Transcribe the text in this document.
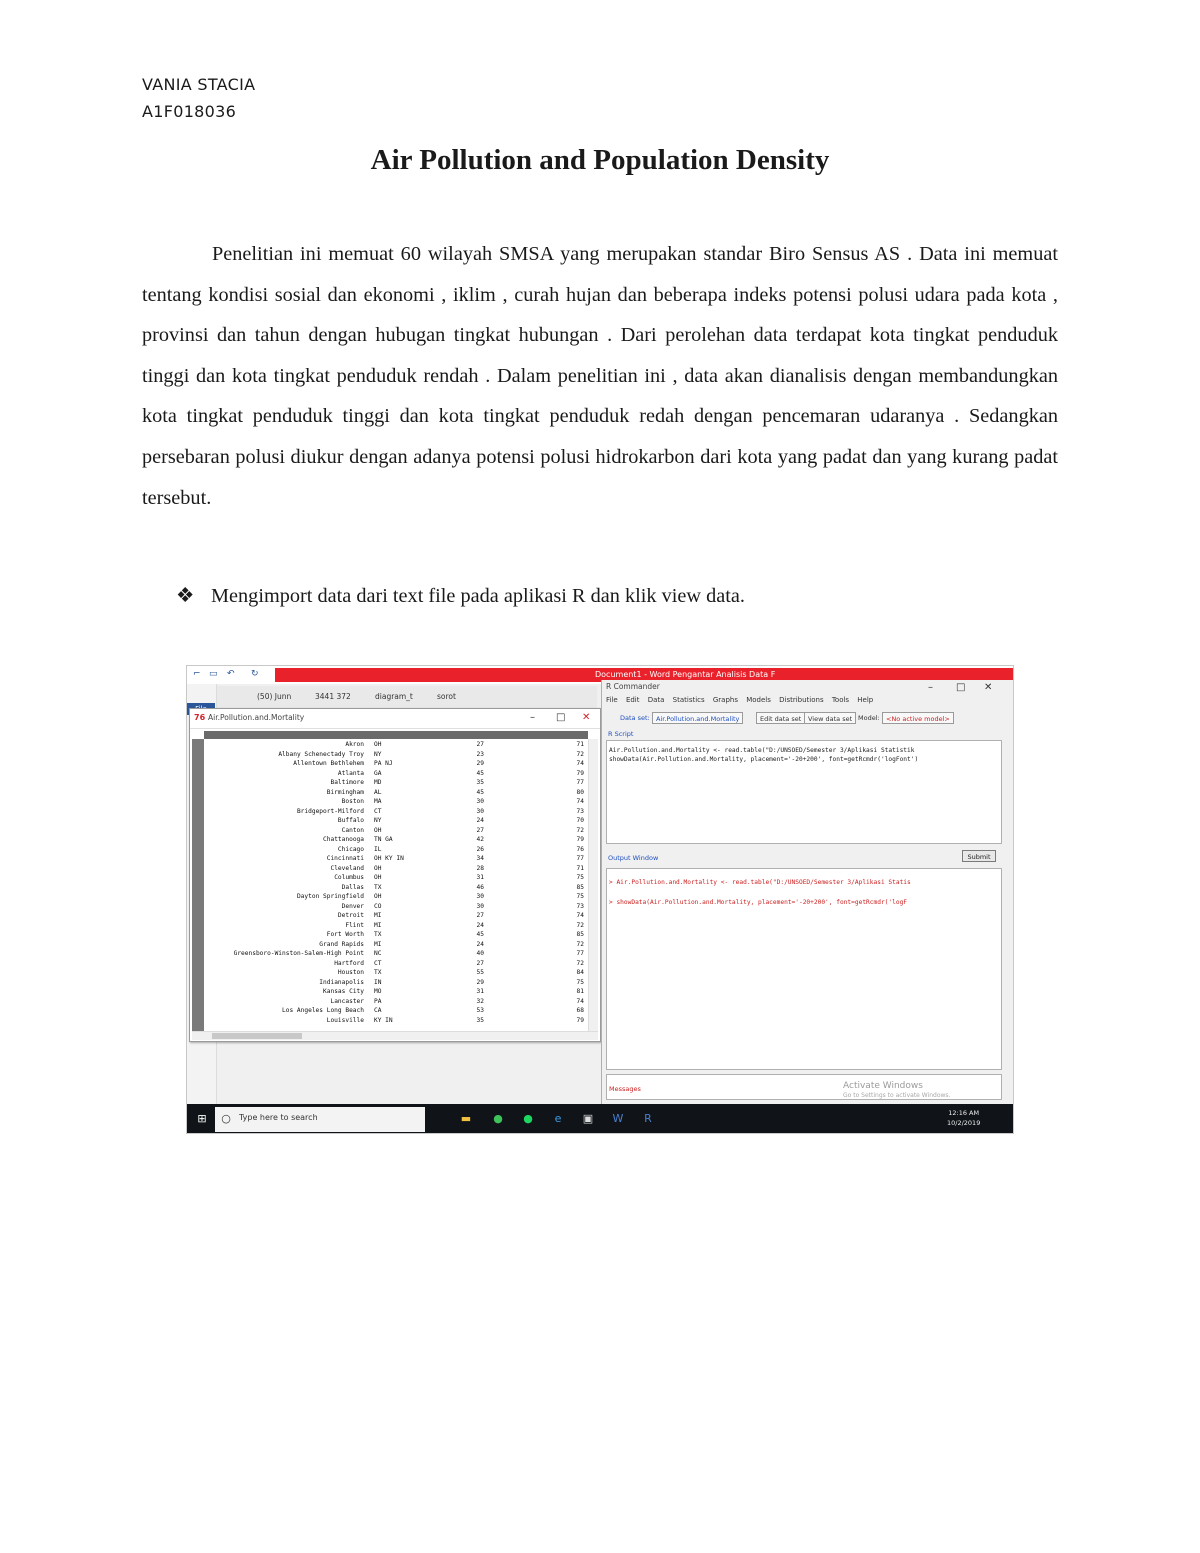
VANIA STACIA
A1F018036
Air Pollution and Population Density

Penelitian ini memuat 60 wilayah SMSA yang merupakan standar Biro Sensus AS . Data ini memuat tentang kondisi sosial dan ekonomi , iklim , curah hujan dan beberapa indeks potensi polusi udara pada kota , provinsi dan tahun dengan hubugan tingkat hubungan . Dari perolehan data terdapat kota tingkat penduduk tinggi dan kota tingkat penduduk rendah . Dalam penelitian ini , data akan dianalisis dengan membandungkan kota tingkat penduduk tinggi dan kota tingkat penduduk redah dengan pencemaran udaranya . Sedangkan persebaran polusi diukur dengan adanya potensi polusi hidrokarbon dari kota yang padat dan yang kurang padat tersebut.

❖ Mengimport data dari text file pada aplikasi R dan klik view data.
⌐ ▭ ↶ ↻	Document1 - Word Pengantar Analisis Data F
(50) Junn	3441 372	diagram_t	sorot
76 Air.Pollution.and.Mortality	– □ ✕
Akron OH	27	71
Albany Schenectady Troy NY	23	72
Allentown Bethlehem PA NJ	29	74
Atlanta GA	45	79
Baltimore MD	35	77
Birmingham AL	45	80
Boston MA	30	74
Bridgeport-Milford CT	30	73
Buffalo NY	24	70
Canton OH	27	72
Chattanooga TN GA	42	79
Chicago IL	26	76
Cincinnati OH KY IN	34	77
Cleveland OH	28	71
Columbus OH	31	75
Dallas TX	46	85
Dayton Springfield OH	30	75
Denver CO	30	73
Detroit MI	27	74
Flint MI	24	72
Fort Worth TX	45	85
Grand Rapids MI	24	72
Greensboro-Winston-Salem-High Point NC	40	77
Hartford CT	27	72
Houston TX	55	84
Indianapolis IN	29	75
Kansas City MO	31	81
Lancaster PA	32	74
Los Angeles Long Beach CA	53	68
Louisville KY IN	35	79
R Commander	– □ ✕
File Edit Data Statistics Graphs Models Distributions Tools Help
Data set: Air.Pollution.and.Mortality	Edit data set	View data set Model: <No active model>
R Script
Air.Pollution.and.Mortality <- read.table("D:/UNSOED/Semester 3/Aplikasi Statistik
showData(Air.Pollution.and.Mortality, placement='-20+200', font=getRcmdr('logFont')
Output Window	Submit
> Air.Pollution.and.Mortality <- read.table("D:/UNSOED/Semester 3/Aplikasi Statis
> showData(Air.Pollution.and.Mortality, placement='-20+200', font=getRcmdr('logF
Messages	Activate Windows
Go to Settings to activate Windows.
⊞ ○ Type here to search	▬ ● ●	e	▣ W R	12:16 AM
10/2/2019
